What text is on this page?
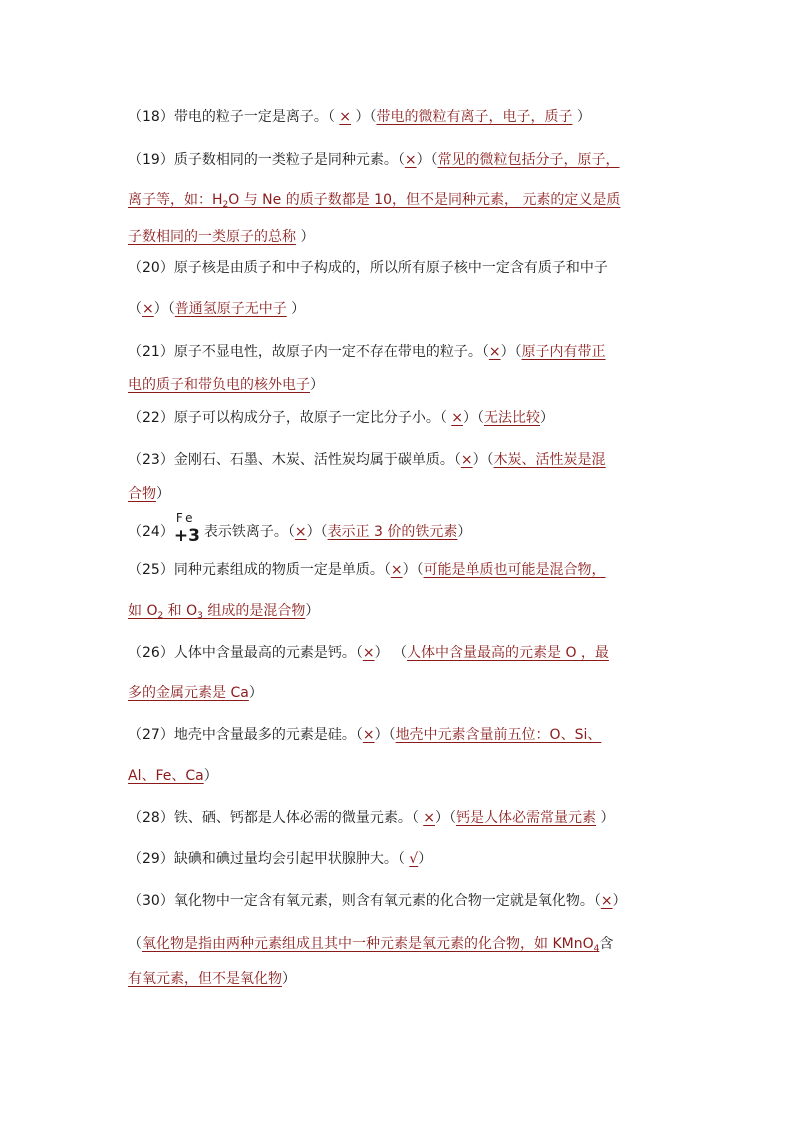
（18）带电的粒子一定是离子。（ × ）（带电的微粒有离子，电子，质子 ）
（19）质子数相同的一类粒子是同种元素。（×）（常见的微粒包括分子，原子，
离子等，如：$H_2O$ 与 Ne 的质子数都是 10，但不是同种元素， 元素的定义是质
子数相同的一类原子的总称 ）
（20）原子核是由质子和中子构成的，所以所有原子核中一定含有质子和中子
（×）（普通氢原子无中子 ）
（21）原子不显电性，故原子内一定不存在带电的粒子。（×）（原子内有带正
电的质子和带负电的核外电子）
（22）原子可以构成分子，故原子一定比分子小。（ ×）（无法比较）
（23）金刚石、石墨、木炭、活性炭均属于碳单质。（×）（木炭、活性炭是混
合物）
（24）
Fe
+3 表示铁离子。（×）（表示正 3 价的铁元素）
（25）同种元素组成的物质一定是单质。（×）（可能是单质也可能是混合物，
如 $O_2$ 和 $O_3$ 组成的是混合物）
（26）人体中含量最高的元素是钙。（×） （人体中含量最高的元素是 O ，最
多的金属元素是 Ca）
（27）地壳中含量最多的元素是硅。（×）（地壳中元素含量前五位：O、Si、
Al、Fe、Ca）
（28）铁、硒、钙都是人体必需的微量元素。（ ×）（钙是人体必需常量元素 ）
（29）缺碘和碘过量均会引起甲状腺肿大。（ √）
（30）氧化物中一定含有氧元素，则含有氧元素的化合物一定就是氧化物。（×）
（氧化物是指由两种元素组成且其中一种元素是氧元素的化合物，如 KMnO$_4$含
有氧元素，但不是氧化物）
